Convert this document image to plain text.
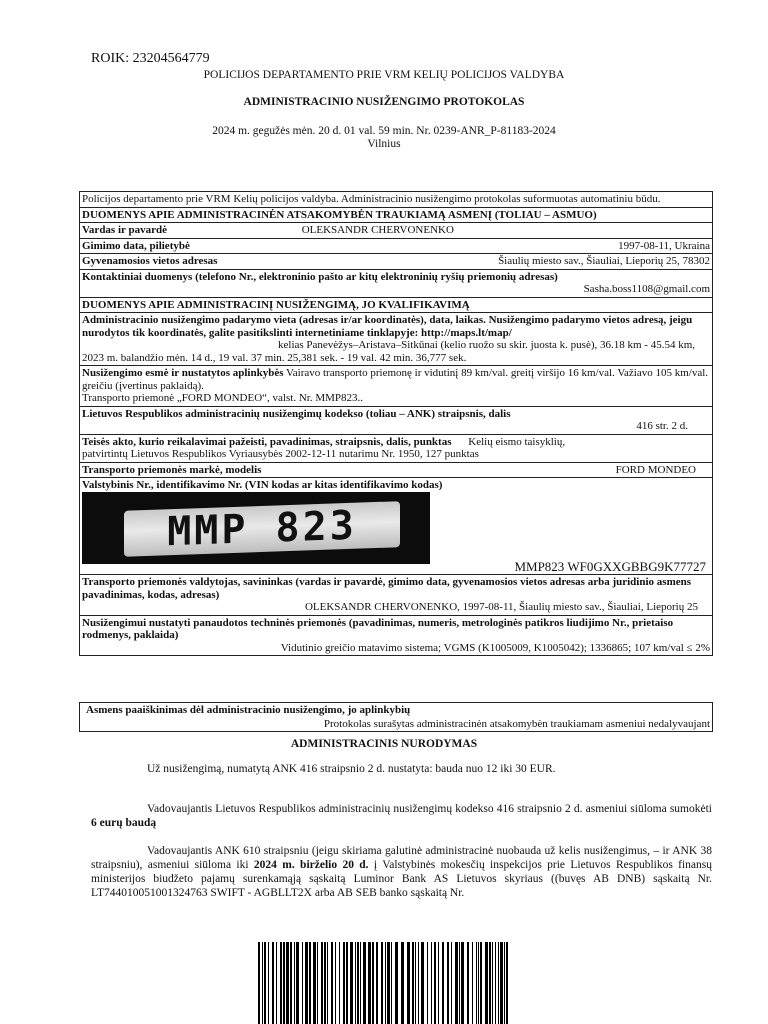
ROIK: 23204564779
POLICIJOS DEPARTAMENTO PRIE VRM KELIŲ POLICIJOS VALDYBA
ADMINISTRACINIO NUSIŽENGIMO PROTOKOLAS
2024 m. gegužės mėn. 20 d. 01 val. 59 min. Nr. 0239-ANR_P-81183-2024
Vilnius
Policijos departamento prie VRM Kelių policijos valdyba. Administracinio nusižengimo protokolas suformuotas automatiniu būdu.
DUOMENYS APIE ADMINISTRACINĖN ATSAKOMYBĖN TRAUKIAMĄ ASMENĮ (TOLIAU – ASMUO)
Vardas ir pavardė	OLEKSANDR CHERVONENKO
Gimimo data, pilietybė	1997-08-11, Ukraina
Gyvenamosios vietos adresas	Šiaulių miesto sav., Šiauliai, Lieporių 25, 78302
Kontaktiniai duomenys (telefono Nr., elektroninio pašto ar kitų elektroninių ryšių priemonių adresas)
Sasha.boss1108@gmail.com
DUOMENYS APIE ADMINISTRACINĮ NUSIŽENGIMĄ, JO KVALIFIKAVIMĄ
Administracinio nusižengimo padarymo vieta (adresas ir/ar koordinatės), data, laikas. Nusižengimo padarymo vietos adresą, jeigu nurodytos tik koordinatės, galite pasitikslinti internetiniame tinklapyje: http://maps.lt/map/
kelias Panevėžys–Aristava–Sitkūnai (kelio ruožo su skir. juosta k. pusė), 36.18 km - 45.54 km, 2023 m. balandžio mėn. 14 d., 19 val. 37 min. 25,381 sek. - 19 val. 42 min. 36,777 sek.
Nusižengimo esmė ir nustatytos aplinkybės Vairavo transporto priemonę ir vidutinį 89 km/val. greitį viršijo 16 km/val. Važiavo 105 km/val. greičiu (įvertinus paklaidą).
Transporto priemonė „FORD MONDEO“, valst. Nr. MMP823..
Lietuvos Respublikos administracinių nusižengimų kodekso (toliau – ANK) straipsnis, dalis
416 str. 2 d.
Teisės akto, kurio reikalavimai pažeisti, pavadinimas, straipsnis, dalis, punktas Kelių eismo taisyklių,
patvirtintų Lietuvos Respublikos Vyriausybės 2002-12-11 nutarimu Nr. 1950, 127 punktas
Transporto priemonės markė, modelis	FORD MONDEO
Valstybinis Nr., identifikavimo Nr. (VIN kodas ar kitas identifikavimo kodas)
MMP 823
MMP823 WF0GXXGBBG9K77727
Transporto priemonės valdytojas, savininkas (vardas ir pavardė, gimimo data, gyvenamosios vietos adresas arba juridinio asmens pavadinimas, kodas, adresas)
OLEKSANDR CHERVONENKO, 1997-08-11, Šiaulių miesto sav., Šiauliai, Lieporių 25
Nusižengimui nustatyti panaudotos techninės priemonės (pavadinimas, numeris, metrologinės patikros liudijimo Nr., prietaiso rodmenys, paklaida)
Vidutinio greičio matavimo sistema; VGMS (K1005009, K1005042); 1336865; 107 km/val ≤ 2%
Asmens paaiškinimas dėl administracinio nusižengimo, jo aplinkybių
Protokolas surašytas administracinėn atsakomybėn traukiamam asmeniui nedalyvaujant
ADMINISTRACINIS NURODYMAS
Už nusižengimą, numatytą ANK 416 straipsnio 2 d. nustatyta: bauda nuo 12 iki 30 EUR.
Vadovaujantis Lietuvos Respublikos administracinių nusižengimų kodekso 416 straipsnio 2 d. asmeniui siūloma sumokėti 6 eurų baudą
Vadovaujantis ANK 610 straipsniu (jeigu skiriama galutinė administracinė nuobauda už kelis nusižengimus, – ir ANK 38 straipsniu), asmeniui siūloma iki 2024 m. birželio 20 d. į Valstybinės mokesčių inspekcijos prie Lietuvos Respublikos finansų ministerijos biudžeto pajamų surenkamąją sąskaitą Luminor Bank AS Lietuvos skyriaus ((buvęs AB DNB) sąskaitą Nr. LT744010051001324763 SWIFT - AGBLLT2X arba AB SEB banko sąskaitą Nr.
